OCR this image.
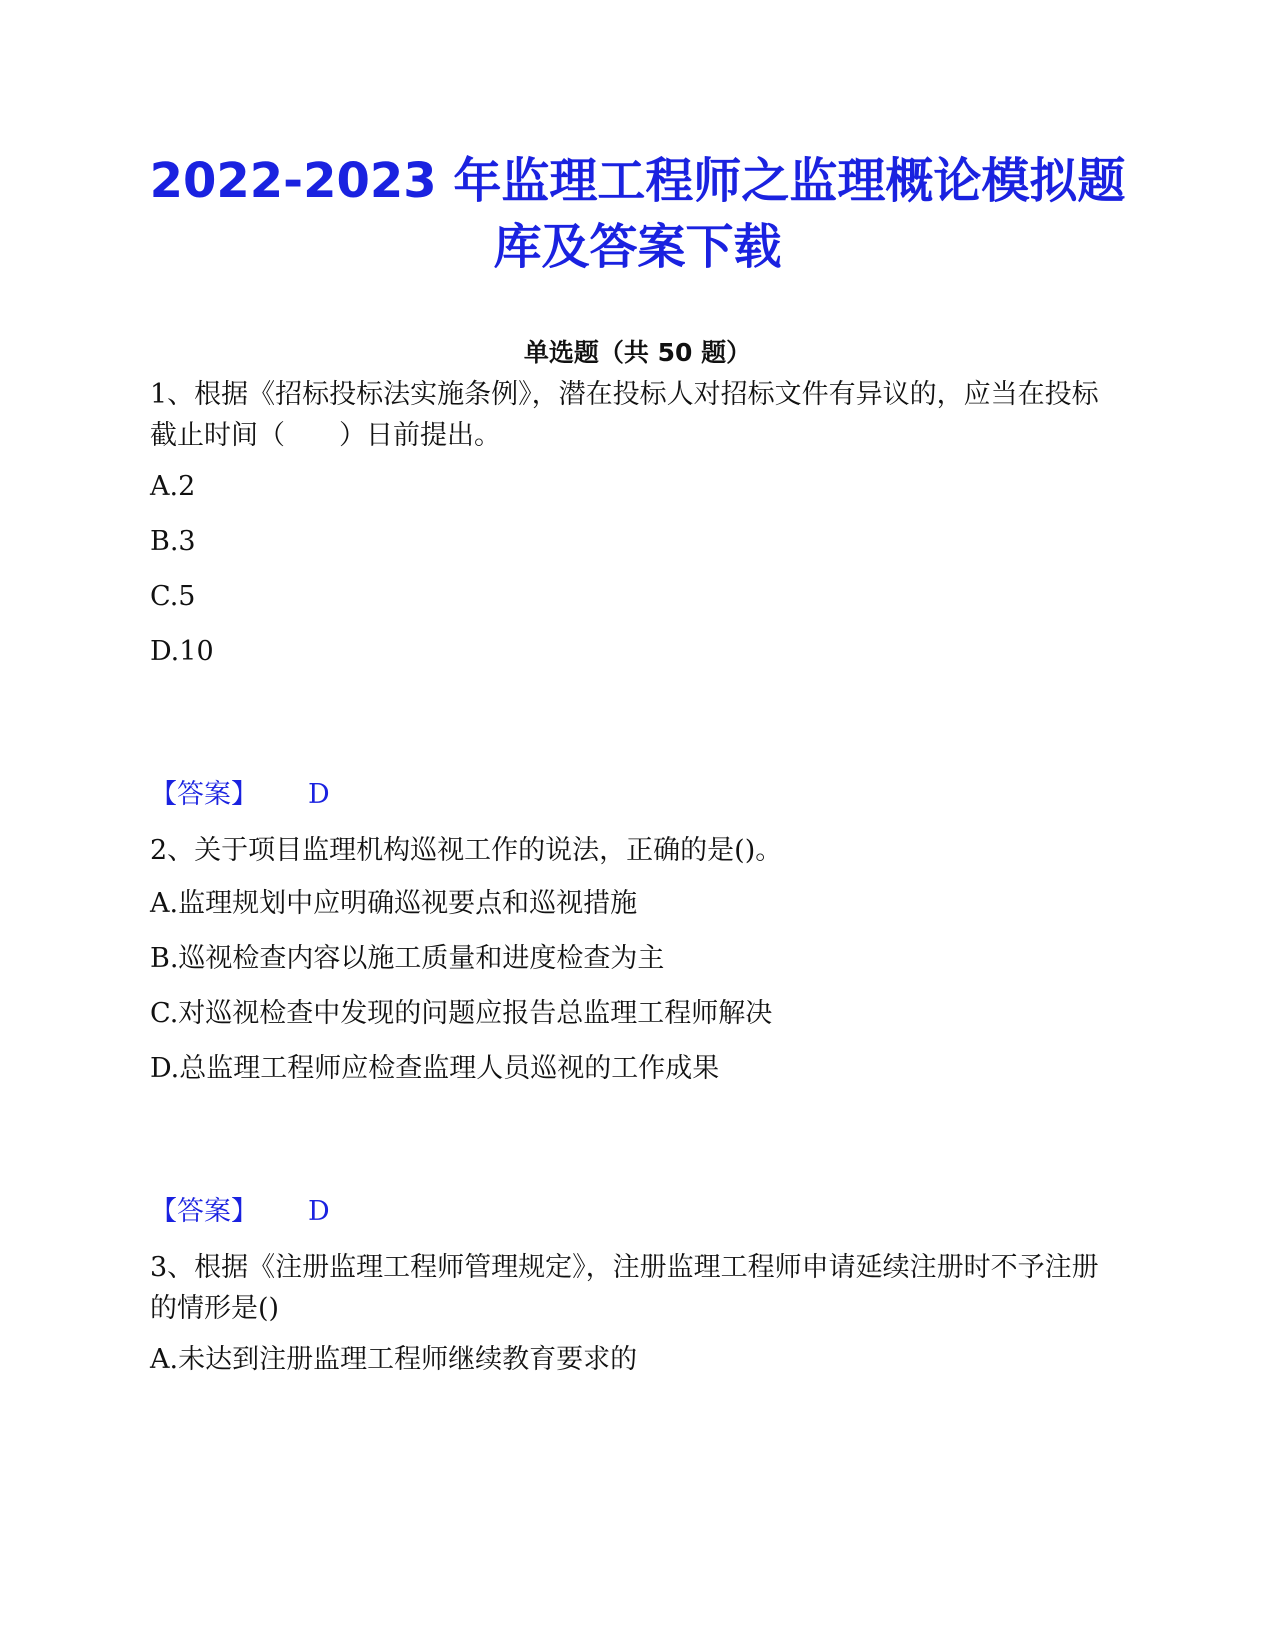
2022-2023 年监理工程师之监理概论模拟题
库及答案下载
单选题（共 50 题）
1、根据《招标投标法实施条例》，潜在投标人对招标文件有异议的，应当在投标截止时间（　　）日前提出。
A.2
B.3
C.5
D.10
【答案】 D
2、关于项目监理机构巡视工作的说法，正确的是()。
A.监理规划中应明确巡视要点和巡视措施
B.巡视检查内容以施工质量和进度检查为主
C.对巡视检查中发现的问题应报告总监理工程师解决
D.总监理工程师应检查监理人员巡视的工作成果
【答案】 D
3、根据《注册监理工程师管理规定》，注册监理工程师申请延续注册时不予注册的情形是()
A.未达到注册监理工程师继续教育要求的
